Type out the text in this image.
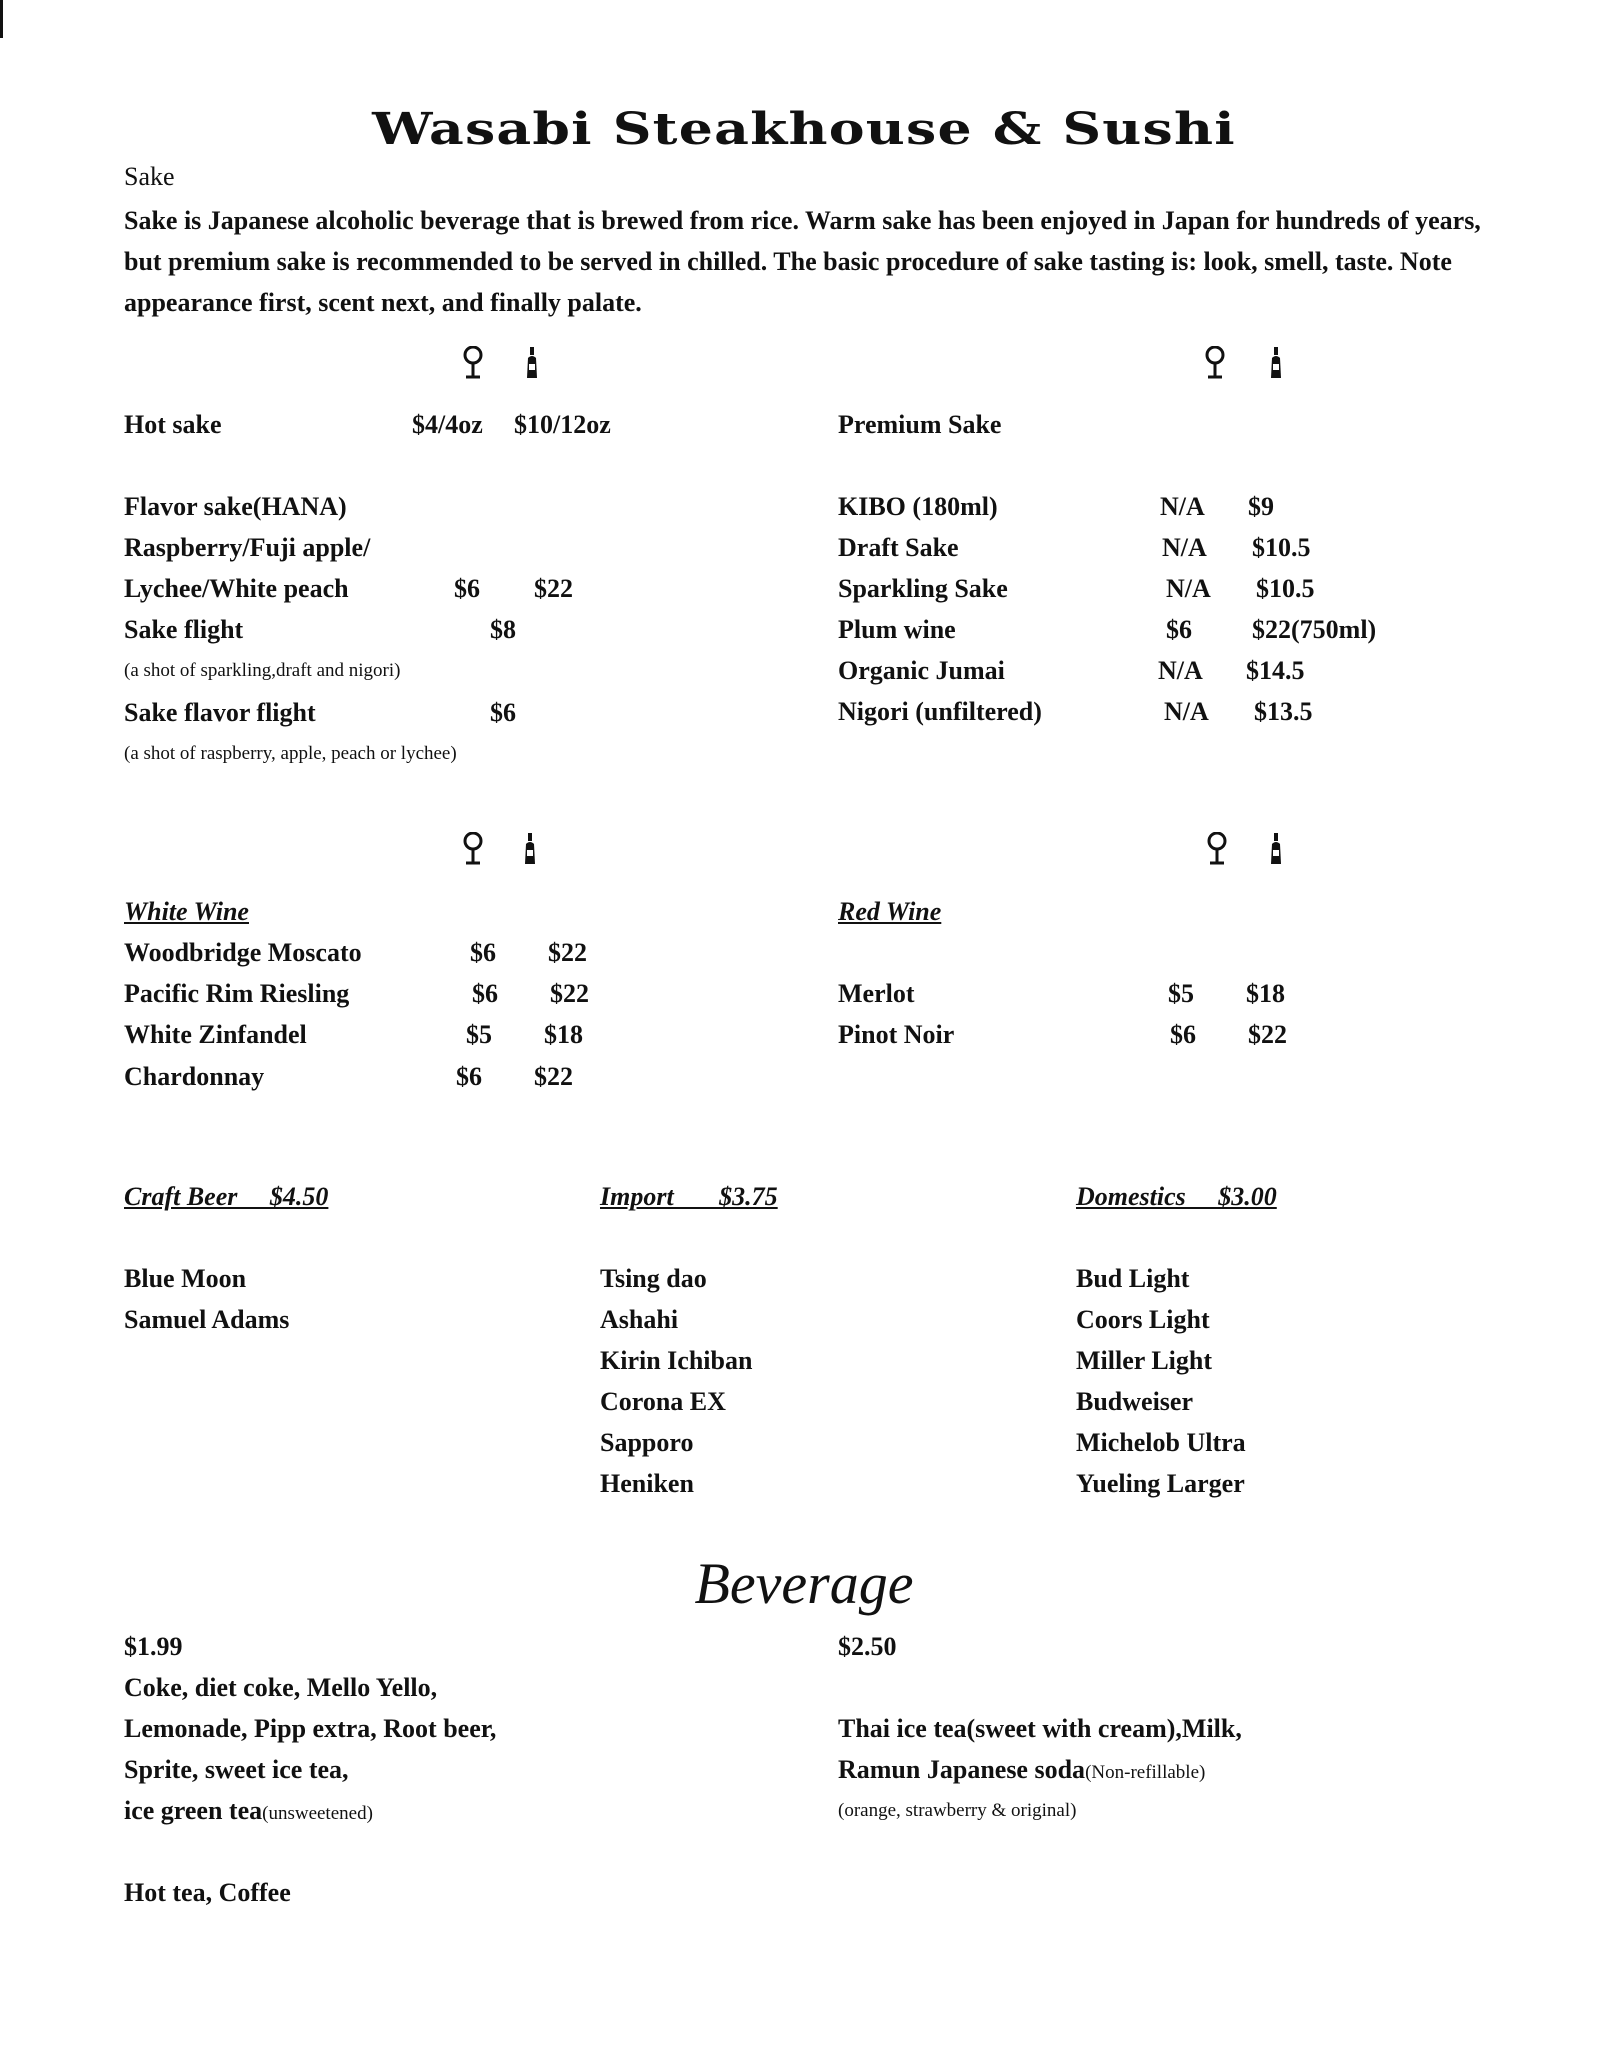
Wasabi Steakhouse & Sushi
Sake
Sake is Japanese alcoholic beverage that is brewed from rice. Warm sake has been enjoyed in Japan for hundreds of years, but premium sake is recommended to be served in chilled. The basic procedure of sake tasting is: look, smell, taste. Note appearance first, scent next, and finally palate.
Hot sake	$4/4oz $10/12oz
Flavor sake(HANA)
Raspberry/Fuji apple/
Lychee/White peach	$6 $22
Sake flight	$8
(a shot of sparkling,draft and nigori)
Sake flavor flight	$6
(a shot of raspberry, apple, peach or lychee)
Premium Sake
KIBO (180ml)	N/A $9
Draft Sake	N/A $10.5
Sparkling Sake	N/A $10.5
Plum wine	$6 $22(750ml)
Organic Jumai	N/A $14.5
Nigori (unfiltered)	N/A $13.5
White Wine
Woodbridge Moscato	$6 $22
Pacific Rim Riesling	$6 $22
White Zinfandel	$5 $18
Chardonnay	$6 $22
Red Wine
Merlot	$5 $18
Pinot Noir	$6 $22
Craft Beer     $4.50
Blue Moon
Samuel Adams
Import       $3.75
Tsing dao
Ashahi
Kirin Ichiban
Corona EX
Sapporo
Heniken
Domestics     $3.00
Bud Light
Coors Light
Miller Light
Budweiser
Michelob Ultra
Yueling Larger
Beverage
$1.99
Coke, diet coke, Mello Yello,
Lemonade, Pipp extra, Root beer,
Sprite, sweet ice tea,
ice green tea(unsweetened)
Hot tea, Coffee
$2.50
Thai ice tea(sweet with cream),Milk,
Ramun Japanese soda(Non-refillable)
(orange, strawberry & original)
